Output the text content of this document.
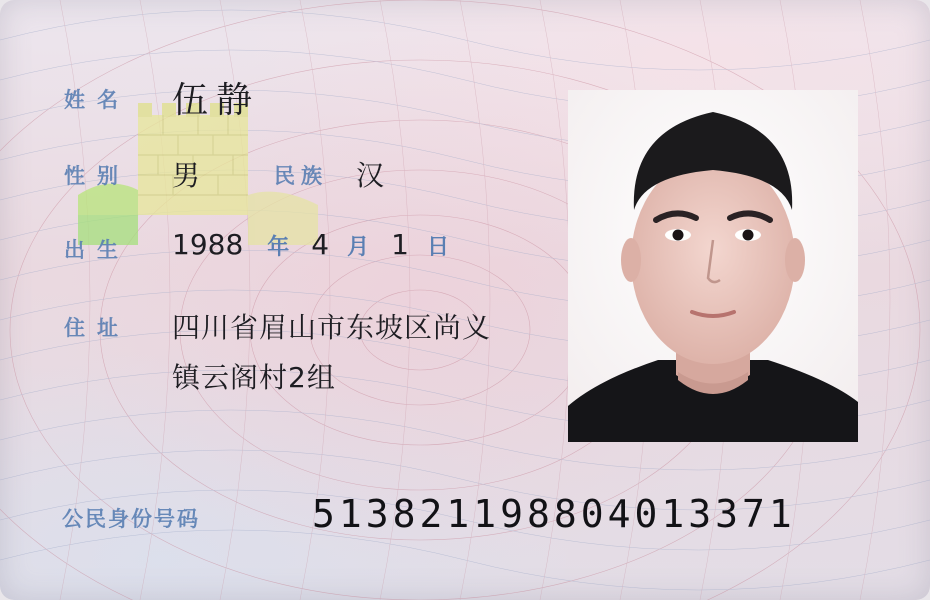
姓名 伍静
性别 男	民族 汉
出生 1988 年 4 月 1 日
住址 四川省眉山市东坡区尚义
镇云阁村2组
公民身份号码	513821198804013371
